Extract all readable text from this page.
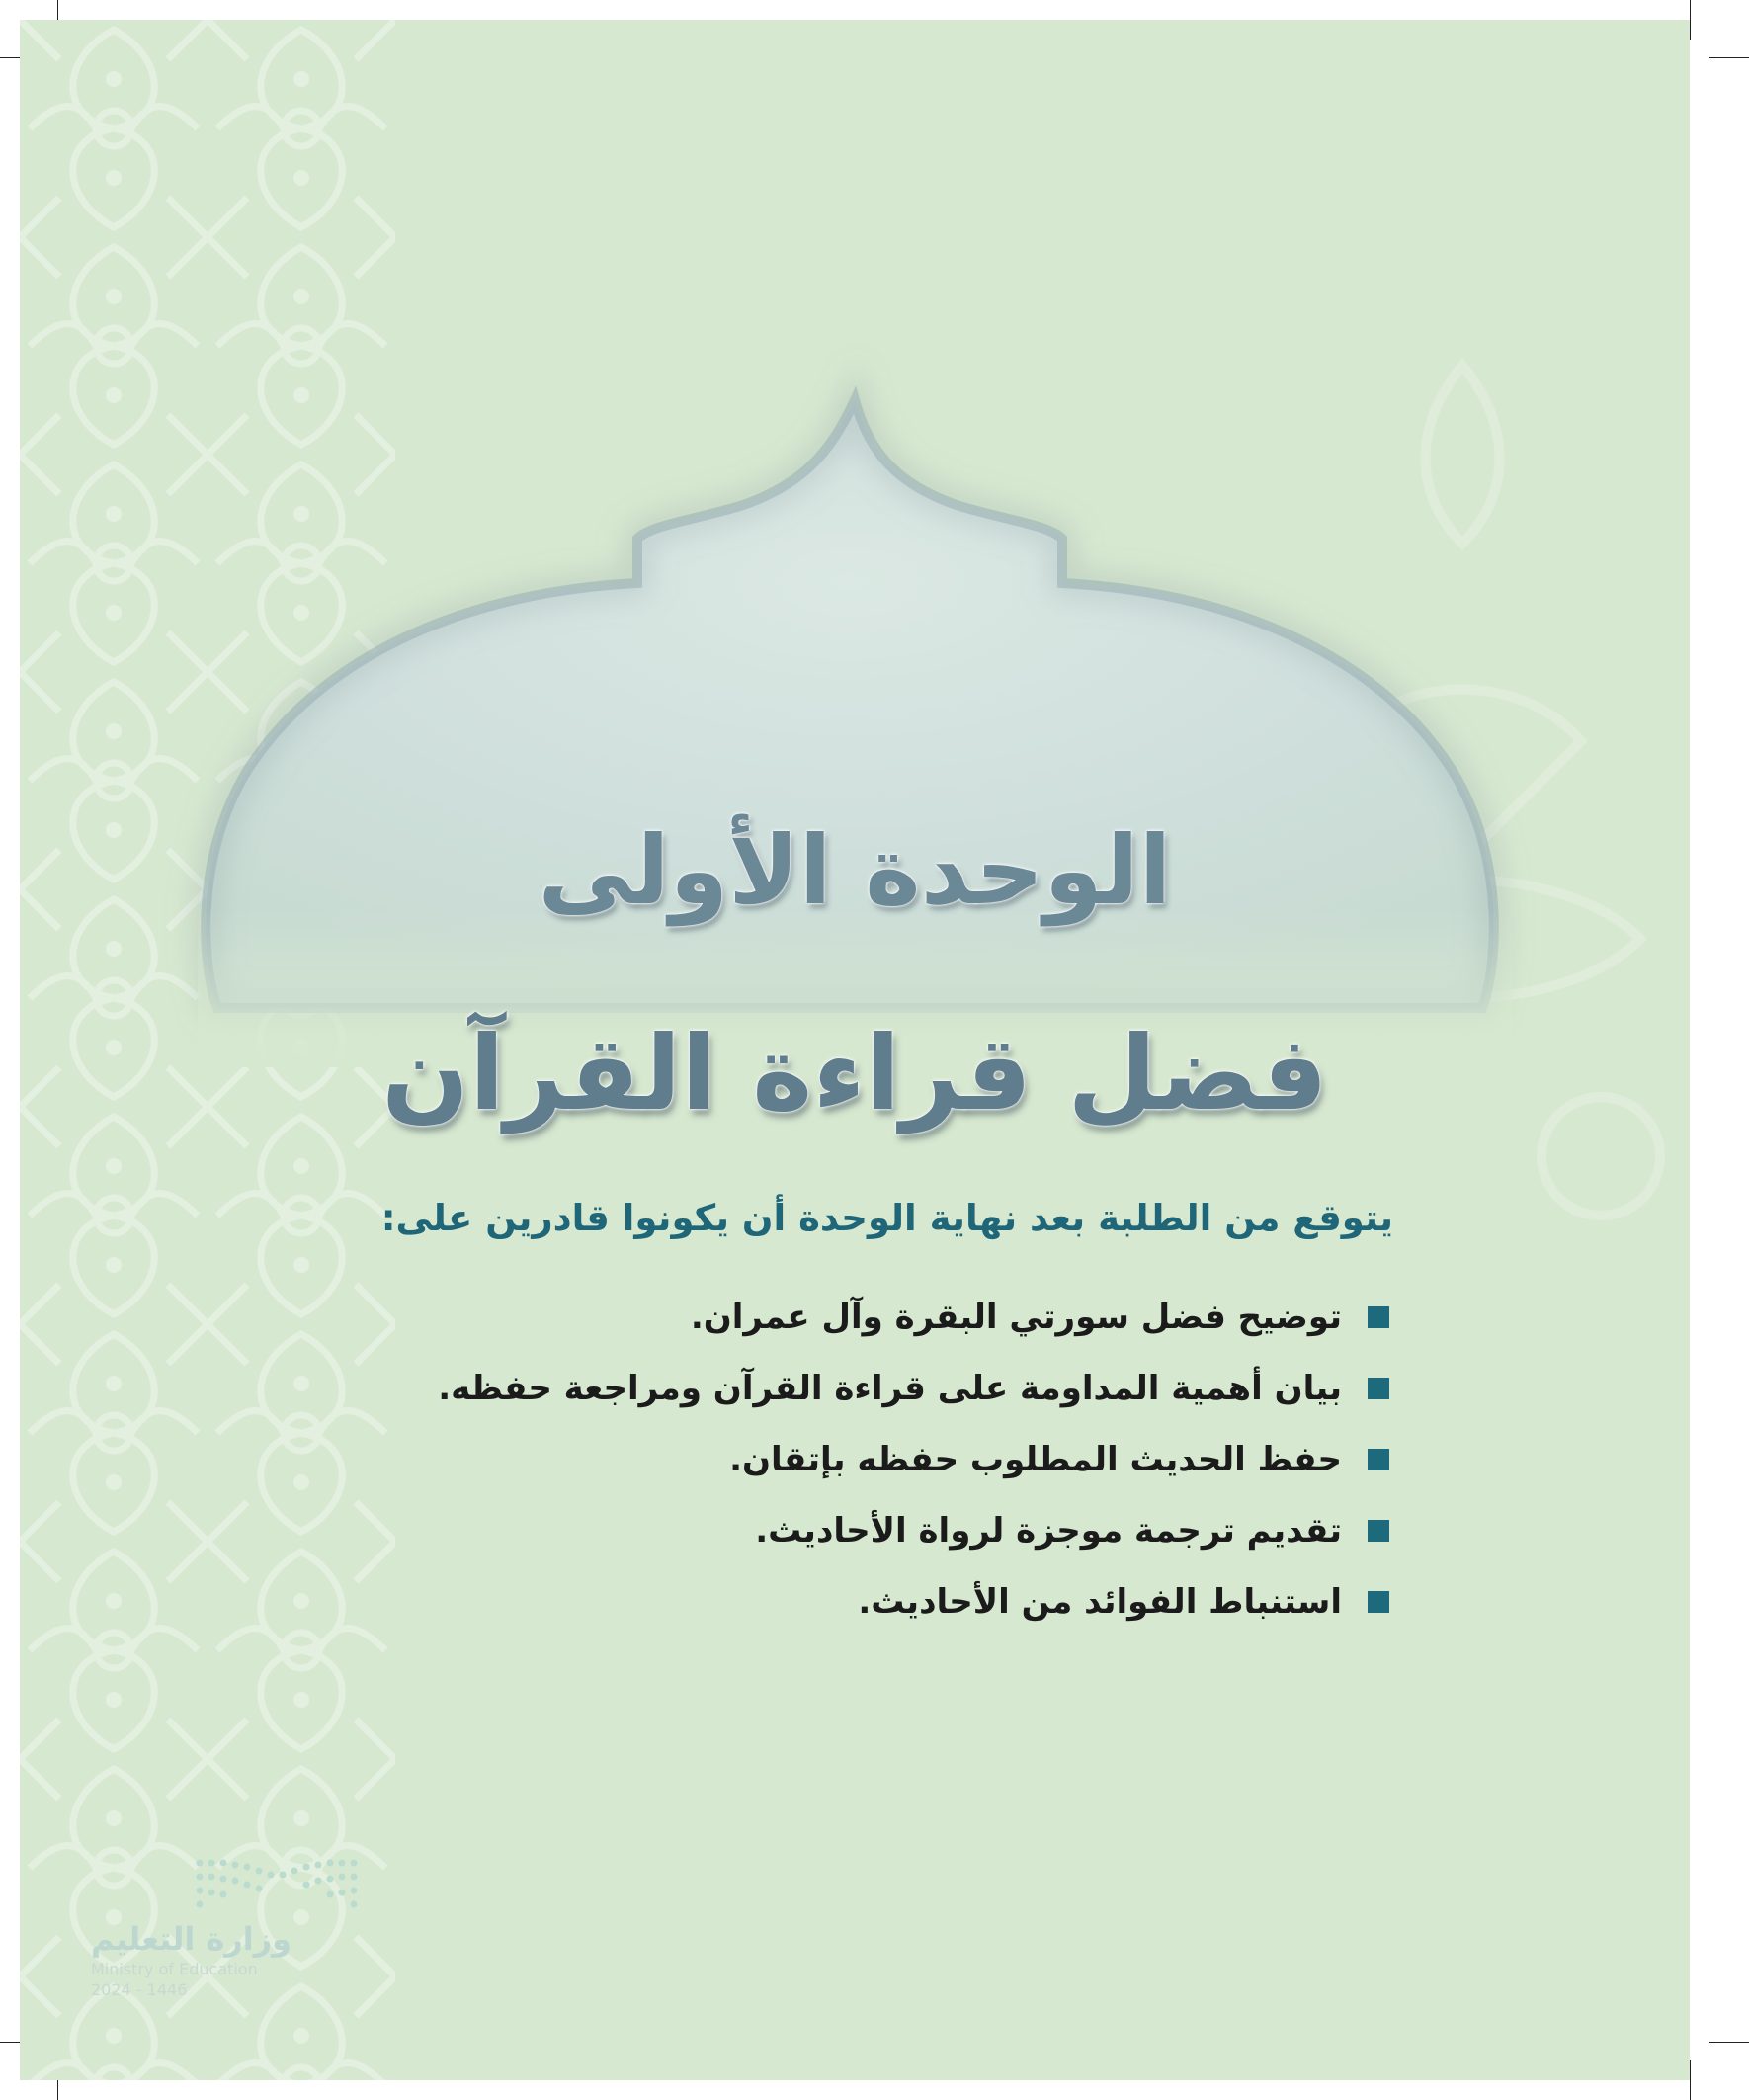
الوحدة الأولى
فضل قراءة القرآن
يتوقع من الطلبة بعد نهاية الوحدة أن يكونوا قادرين على:
توضيح فضل سورتي البقرة وآل عمران.
بيان أهمية المداومة على قراءة القرآن ومراجعة حفظه.
حفظ الحديث المطلوب حفظه بإتقان.
تقديم ترجمة موجزة لرواة الأحاديث.
استنباط الفوائد من الأحاديث.
وزارة التعليم
Ministry of Education
2024 - 1446
